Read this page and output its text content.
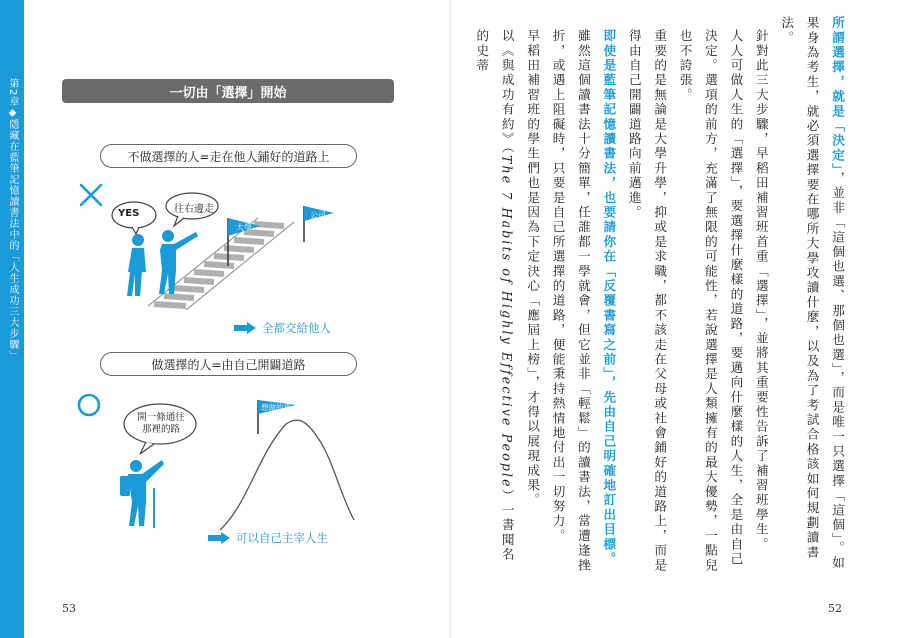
第2章◆隱藏在藍筆記憶讀書法中的「人生成功三大步驟」	一切由「選擇」開始
不做選擇的人=走在他人鋪好的道路上
YES	往右邊走
大學
公司
全都交給他人
做選擇的人=由自己開闢道路
開一條通往
那裡的路
想做的事
可以自己主宰人生
53

所謂選擇，就是「決定」，並非「這個也選、那個也選」，而是唯一只選擇「這個」。如果身為考生，就必須選擇要在哪所大學攻讀什麼，以及為了考試合格該如何規劃讀書法。

針對此三大步驟，早稻田補習班首重「選擇」，並將其重要性告訴了補習班學生。

人人可做人生的「選擇」，要選擇什麼樣的道路，要邁向什麼樣的人生，全是由自己決定。選項的前方，充滿了無限的可能性，若說選擇是人類擁有的最大優勢，一點兒也不誇張。

重要的是無論是大學升學，抑或是求職，都不該走在父母或社會鋪好的道路上，而是得由自己開闢道路向前邁進。

即使是藍筆記憶讀書法，也要請你在「反覆書寫之前」，先由自己明確地訂出目標。雖然這個讀書法十分簡單，任誰都一學就會，但它並非「輕鬆」的讀書法，當遭逢挫折，或遇上阻礙時，只要是自己所選擇的道路，便能秉持熱情地付出一切努力。

早稻田補習班的學生們也是因為下定決心「應屆上榜」，才得以展現成果。

以《與成功有約》（The 7 Habits of Highly Effective People）一書聞名的史蒂

52
